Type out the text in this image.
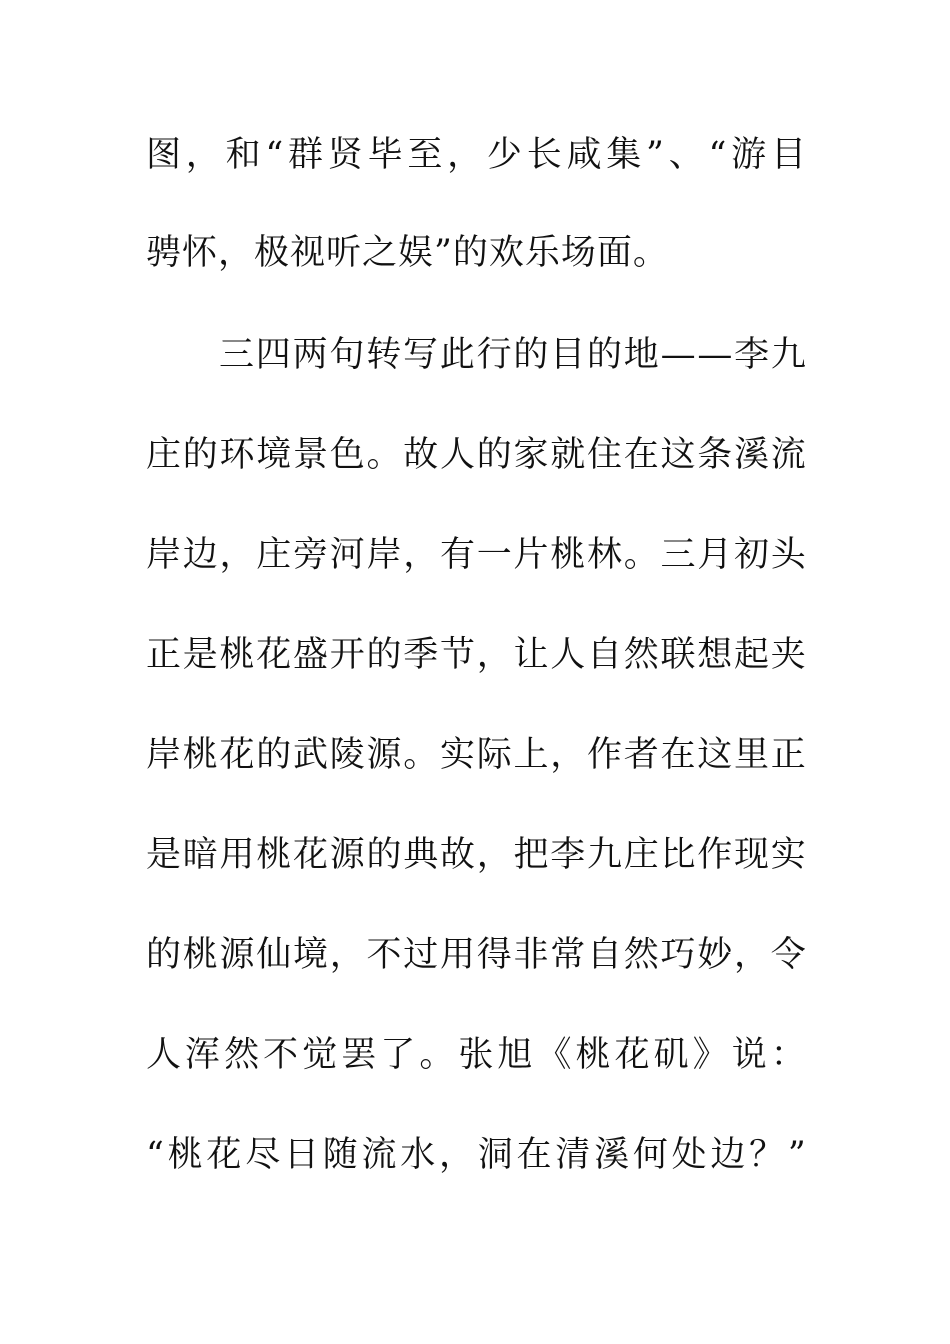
图 ， 和 “ 群 贤 毕 至 ， 少 长 咸 集 ” 、 “ 游 目
骋怀，极视听之娱”的欢乐场面。
三 四 两 句 转 写 此 行 的 目 的 地 — — 李 九
庄 的 环 境 景 色 。 故 人 的 家 就 住 在 这 条 溪 流
岸 边 ， 庄 旁 河 岸 ， 有 一 片 桃 林 。 三 月 初 头
正 是 桃 花 盛 开 的 季 节 ， 让 人 自 然 联 想 起 夹
岸 桃 花 的 武 陵 源 。 实 际 上 ， 作 者 在 这 里 正
是 暗 用 桃 花 源 的 典 故 ， 把 李 九 庄 比 作 现 实
的 桃 源 仙 境 ， 不 过 用 得 非 常 自 然 巧 妙 ， 令
人 浑 然 不 觉 罢 了 。 张 旭 《 桃 花 矶 》 说 ：
“ 桃 花 尽 日 随 流 水 ， 洞 在 清 溪 何 处 边 ？ ”
